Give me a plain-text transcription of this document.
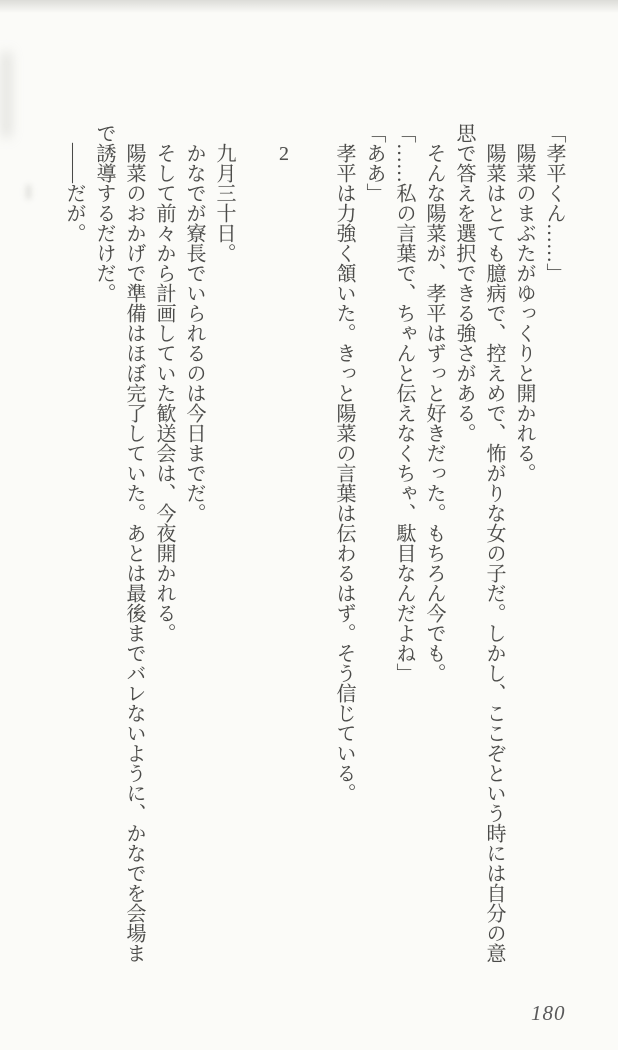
「孝平くん……」

陽菜のまぶたがゆっくりと開かれる。

陽菜はとても臆病で、控えめで、怖がりな女の子だ。しかし、ここぞという時には自分の意思で答えを選択できる強さがある。

そんな陽菜が、孝平はずっと好きだった。もちろん今でも。

「……私の言葉で、ちゃんと伝えなくちゃ、駄目なんだよね」

「ああ」

孝平は力強く頷いた。きっと陽菜の言葉は伝わるはず。そう信じている。

2

九月三十日。

かなでが寮長でいられるのは今日までだ。

そして前々から計画していた歓送会は、今夜開かれる。

陽菜のおかげで準備はほぼ完了していた。あとは最後までバレないように、かなでを会場まで誘導するだけだ。

――だが。

180
